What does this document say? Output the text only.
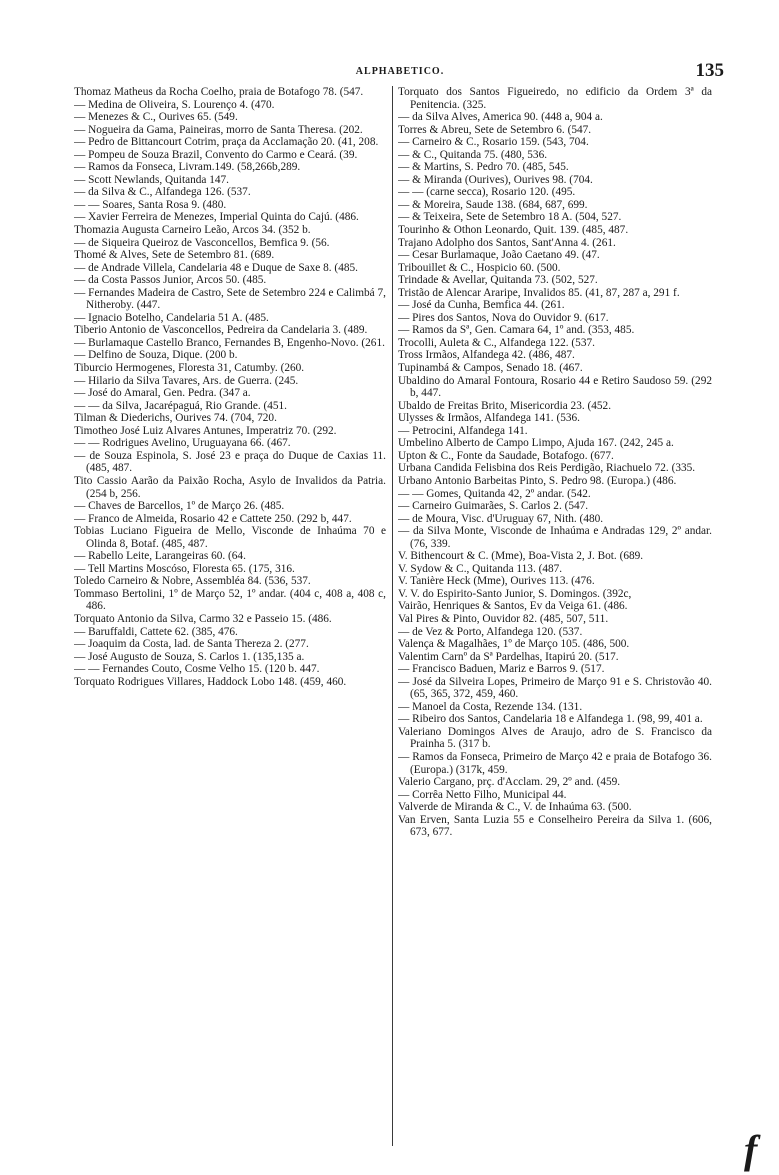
ALPHABETICO.	135

Thomaz Matheus da Rocha Coelho, praia de Botafogo 78. (547.

— Medina de Oliveira, S. Lourenço 4. (470.

— Menezes & C., Ourives 65. (549.

— Nogueira da Gama, Paineiras, morro de Santa Theresa. (202.

— Pedro de Bittancourt Cotrim, praça da Acclamação 20. (41, 208.

— Pompeu de Souza Brazil, Convento do Carmo e Ceará. (39.

— Ramos da Fonseca, Livram.149. (58,266b,289.

— Scott Newlands, Quitanda 147.

— da Silva & C., Alfandega 126. (537.

— — Soares, Santa Rosa 9. (480.

— Xavier Ferreira de Menezes, Imperial Quinta do Cajú. (486.

Thomazia Augusta Carneiro Leão, Arcos 34. (352 b.

— de Siqueira Queiroz de Vasconcellos, Bemfica 9. (56.

Thomé & Alves, Sete de Setembro 81. (689.

— de Andrade Villela, Candelaria 48 e Duque de Saxe 8. (485.

— da Costa Passos Junior, Arcos 50. (485.

— Fernandes Madeira de Castro, Sete de Setembro 224 e Calimbá 7, Nitheroby. (447.

— Ignacio Botelho, Candelaria 51 A. (485.

Tiberio Antonio de Vasconcellos, Pedreira da Candelaria 3. (489.

— Burlamaque Castello Branco, Fernandes B, Engenho-Novo. (261.

— Delfino de Souza, Dique. (200 b.

Tiburcio Hermogenes, Floresta 31, Catumby. (260.

— Hilario da Silva Tavares, Ars. de Guerra. (245.

— José do Amaral, Gen. Pedra. (347 a.

— — da Silva, Jacarépaguá, Rio Grande. (451.

Tilman & Diederichs, Ourives 74. (704, 720.

Timotheo José Luiz Alvares Antunes, Imperatriz 70. (292.

— — Rodrigues Avelino, Uruguayana 66. (467.

— de Souza Espinola, S. José 23 e praça do Duque de Caxias 11. (485, 487.

Tito Cassio Aarão da Paixão Rocha, Asylo de Invalidos da Patria. (254 b, 256.

— Chaves de Barcellos, 1º de Março 26. (485.

— Franco de Almeida, Rosario 42 e Cattete 250. (292 b, 447.

Tobias Luciano Figueira de Mello, Visconde de Inhaúma 70 e Olinda 8, Botaf. (485, 487.

— Rabello Leite, Larangeiras 60. (64.

— Tell Martins Moscóso, Floresta 65. (175, 316.

Toledo Carneiro & Nobre, Assembléa 84. (536, 537.

Tommaso Bertolini, 1º de Março 52, 1º andar. (404 c, 408 a, 408 c, 486.

Torquato Antonio da Silva, Carmo 32 e Passeio 15. (486.

— Baruffaldi, Cattete 62. (385, 476.

— Joaquim da Costa, lad. de Santa Thereza 2. (277.

— José Augusto de Souza, S. Carlos 1. (135,135 a.

— — Fernandes Couto, Cosme Velho 15. (120 b. 447.

Torquato Rodrigues Villares, Haddock Lobo 148. (459, 460.

Torquato dos Santos Figueiredo, no edificio da Ordem 3ª da Penitencia. (325.

— da Silva Alves, America 90. (448 a, 904 a.

Torres & Abreu, Sete de Setembro 6. (547.

— Carneiro & C., Rosario 159. (543, 704.

— & C., Quitanda 75. (480, 536.

— & Martins, S. Pedro 70. (485, 545.

— & Miranda (Ourives), Ourives 98. (704.

— — (carne secca), Rosario 120. (495.

— & Moreira, Saude 138. (684, 687, 699.

— & Teixeira, Sete de Setembro 18 A. (504, 527.

Tourinho & Othon Leonardo, Quit. 139. (485, 487.

Trajano Adolpho dos Santos, Sant'Anna 4. (261.

— Cesar Burlamaque, João Caetano 49. (47.

Tribouillet & C., Hospicio 60. (500.

Trindade & Avellar, Quitanda 73. (502, 527.

Tristão de Alencar Araripe, Invalidos 85. (41, 87, 287 a, 291 f.

— José da Cunha, Bemfica 44. (261.

— Pires dos Santos, Nova do Ouvidor 9. (617.

— Ramos da Sª, Gen. Camara 64, 1º and. (353, 485.

Trocolli, Auleta & C., Alfandega 122. (537.

Tross Irmãos, Alfandega 42. (486, 487.

Tupinambá & Campos, Senado 18. (467.

Ubaldino do Amaral Fontoura, Rosario 44 e Retiro Saudoso 59. (292 b, 447.

Ubaldo de Freitas Brito, Misericordia 23. (452.

Ulysses & Irmãos, Alfandega 141. (536.

— Petrocini, Alfandega 141.

Umbelino Alberto de Campo Limpo, Ajuda 167. (242, 245 a.

Upton & C., Fonte da Saudade, Botafogo. (677.

Urbana Candida Felisbina dos Reis Perdigão, Riachuelo 72. (335.

Urbano Antonio Barbeitas Pinto, S. Pedro 98. (Europa.) (486.

— — Gomes, Quitanda 42, 2º andar. (542.

— Carneiro Guimarães, S. Carlos 2. (547.

— de Moura, Visc. d'Uruguay 67, Nith. (480.

— da Silva Monte, Visconde de Inhaúma e Andradas 129, 2º andar. (76, 339.

V. Bithencourt & C. (Mme), Boa-Vista 2, J. Bot. (689.

V. Sydow & C., Quitanda 113. (487.

V. Tanière Heck (Mme), Ourives 113. (476.

V. V. do Espirito-Santo Junior, S. Domingos. (392c,

Vairão, Henriques & Santos, Ev da Veiga 61. (486.

Val Pires & Pinto, Ouvidor 82. (485, 507, 511.

— de Vez & Porto, Alfandega 120. (537.

Valença & Magalhães, 1º de Março 105. (486, 500.

Valentim Carnº da Sª Pardelhas, Itapirú 20. (517.

— Francisco Baduen, Mariz e Barros 9. (517.

— José da Silveira Lopes, Primeiro de Março 91 e S. Christovão 40. (65, 365, 372, 459, 460.

— Manoel da Costa, Rezende 134. (131.

— Ribeiro dos Santos, Candelaria 18 e Alfandega 1. (98, 99, 401 a.

Valeriano Domingos Alves de Araujo, adro de S. Francisco da Prainha 5. (317 b.

— Ramos da Fonseca, Primeiro de Março 42 e praia de Botafogo 36. (Europa.) (317k, 459.

Valerio Cargano, prç. d'Acclam. 29, 2º and. (459.

— Corrêa Netto Filho, Municipal 44.

Valverde de Miranda & C., V. de Inhaúma 63. (500.

Van Erven, Santa Luzia 55 e Conselheiro Pereira da Silva 1. (606, 673, 677.

f
